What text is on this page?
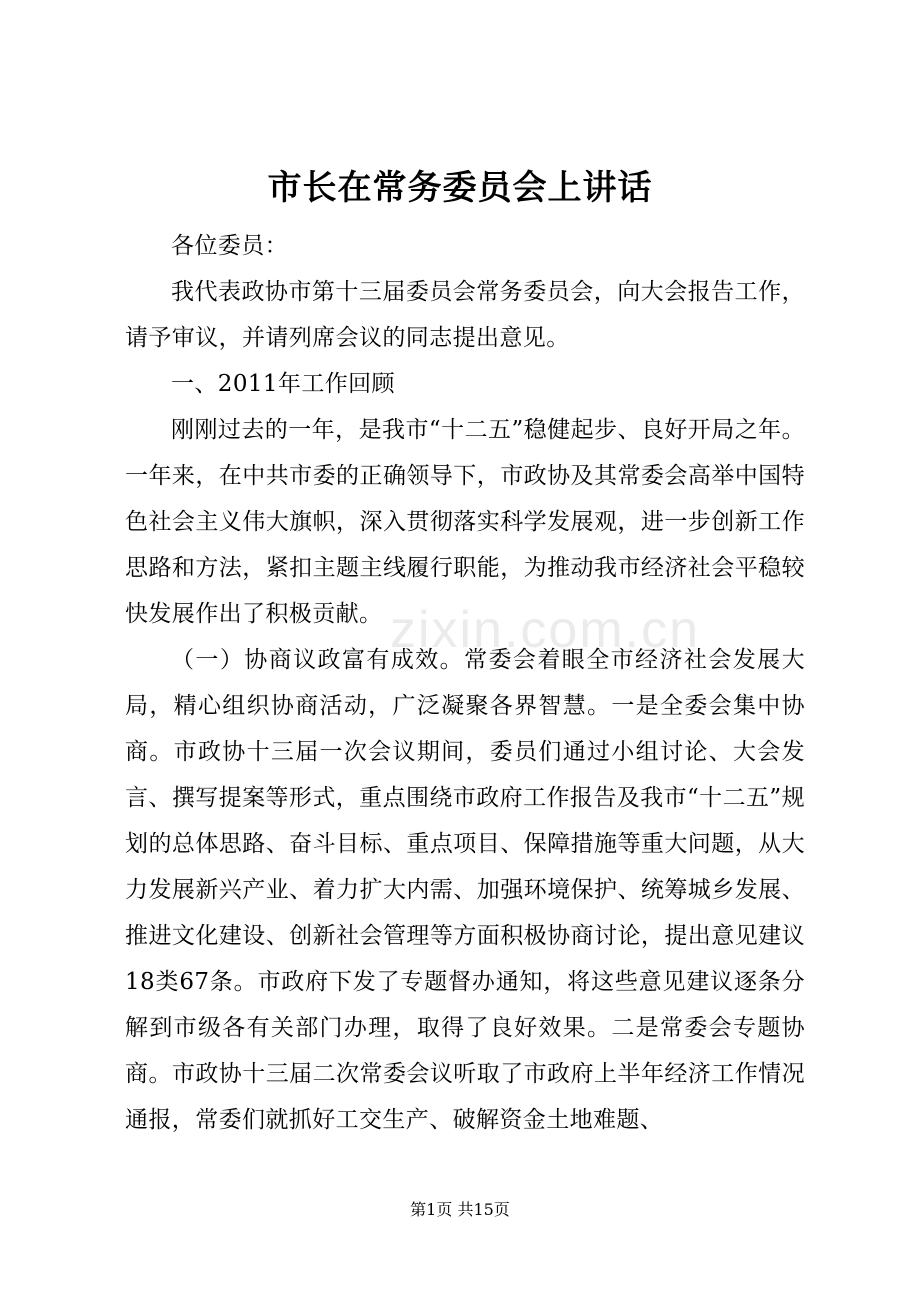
市长在常务委员会上讲话

各位委员：

我代表政协市第十三届委员会常务委员会，向大会报告工作，请予审议，并请列席会议的同志提出意见。

一、2011年工作回顾

刚刚过去的一年，是我市“十二五”稳健起步、良好开局之年。一年来，在中共市委的正确领导下，市政协及其常委会高举中国特色社会主义伟大旗帜，深入贯彻落实科学发展观，进一步创新工作思路和方法，紧扣主题主线履行职能，为推动我市经济社会平稳较快发展作出了积极贡献。

（一）协商议政富有成效。常委会着眼全市经济社会发展大局，精心组织协商活动，广泛凝聚各界智慧。一是全委会集中协商。市政协十三届一次会议期间，委员们通过小组讨论、大会发言、撰写提案等形式，重点围绕市政府工作报告及我市“十二五”规划的总体思路、奋斗目标、重点项目、保障措施等重大问题，从大力发展新兴产业、着力扩大内需、加强环境保护、统筹城乡发展、推进文化建设、创新社会管理等方面积极协商讨论，提出意见建议18类67条。市政府下发了专题督办通知，将这些意见建议逐条分解到市级各有关部门办理，取得了良好效果。二是常委会专题协商。市政协十三届二次常委会议听取了市政府上半年经济工作情况通报，常委们就抓好工交生产、破解资金土地难题、

zixin.com.cn
第1页 共15页
